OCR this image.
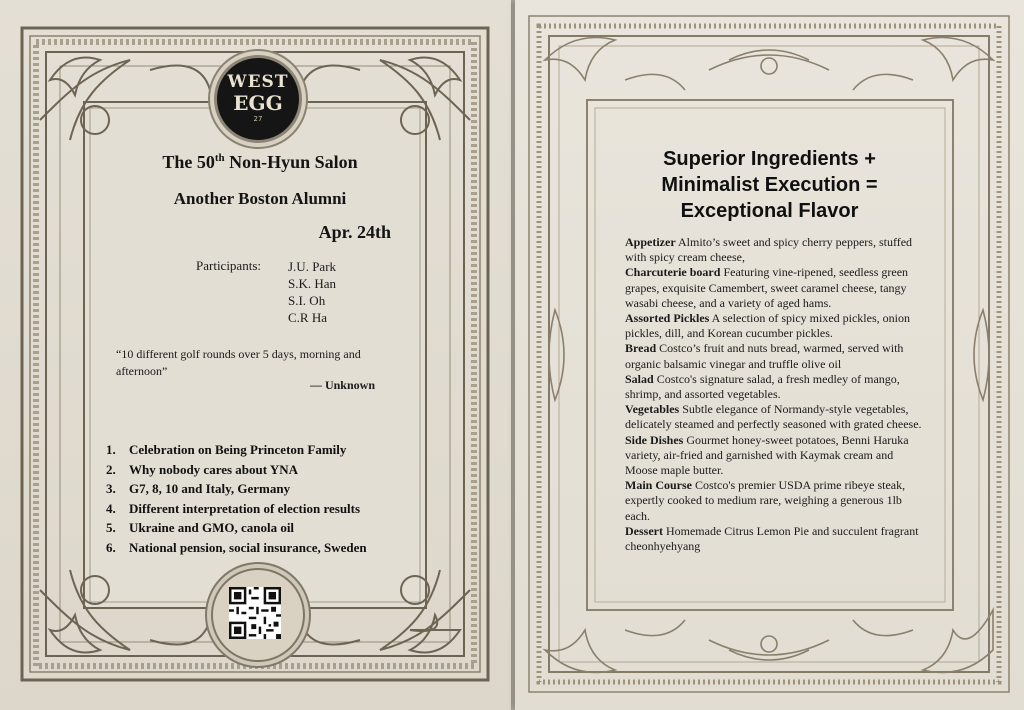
WEST
EGG
27
The 50th Non-Hyun Salon
Another Boston Alumni
Apr. 24th
Participants: J.U. Park
S.K. Han
S.I. Oh
C.R Ha
“10 different golf rounds over 5 days, morning and afternoon”
— Unknown
1.	Celebration on Being Princeton Family
2.	Why nobody cares about YNA
3.	G7, 8, 10 and Italy, Germany
4.	Different interpretation of election results
5.	Ukraine and GMO, canola oil
6.	National pension, social insurance, Sweden
Superior Ingredients +
Minimalist Execution =
Exceptional Flavor

Appetizer Almito’s sweet and spicy cherry peppers, stuffed with spicy cream cheese,

Charcuterie board Featuring vine-ripened, seedless green grapes, exquisite Camembert, sweet caramel cheese, tangy wasabi cheese, and a variety of aged hams.

Assorted Pickles A selection of spicy mixed pickles, onion pickles, dill, and Korean cucumber pickles.

Bread Costco’s fruit and nuts bread, warmed, served with organic balsamic vinegar and truffle olive oil

Salad Costco's signature salad, a fresh medley of mango, shrimp, and assorted vegetables.

Vegetables Subtle elegance of Normandy-style vegetables, delicately steamed and perfectly seasoned with grated cheese.

Side Dishes Gourmet honey-sweet potatoes, Benni Haruka variety, air-fried and garnished with Kaymak cream and Moose maple butter.

Main Course Costco's premier USDA prime ribeye steak, expertly cooked to medium rare, weighing a generous 1lb each.

Dessert Homemade Citrus Lemon Pie and succulent fragrant cheonhyehyang
